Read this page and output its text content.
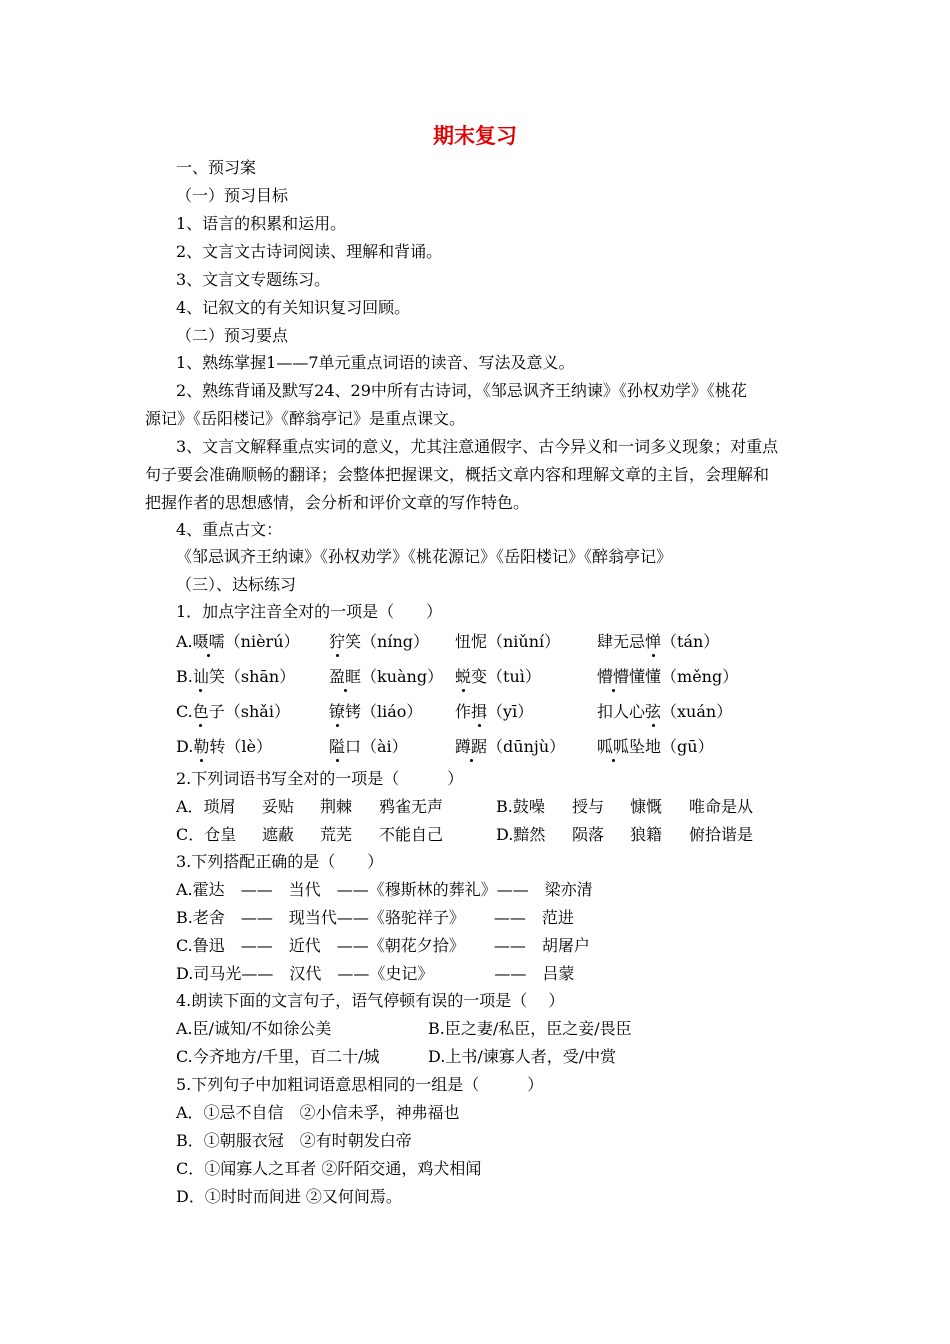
期末复习
一、预习案
（一）预习目标
1、语言的积累和运用。
2、文言文古诗词阅读、理解和背诵。
3、文言文专题练习。
4、记叙文的有关知识复习回顾。
（二）预习要点
1、熟练掌握1——7单元重点词语的读音、写法及意义。
2、熟练背诵及默写24、29中所有古诗词，《邹忌讽齐王纳谏》《孙权劝学》《桃花
源记》《岳阳楼记》《醉翁亭记》是重点课文。
3、文言文解释重点实词的意义，尤其注意通假字、古今异义和一词多义现象；对重点
句子要会准确顺畅的翻译；会整体把握课文，概括文章内容和理解文章的主旨，会理解和
把握作者的思想感情，会分析和评价文章的写作特色。
4、重点古文：
《邹忌讽齐王纳谏》《孙权劝学》《桃花源记》《岳阳楼记》《醉翁亭记》
（三）、达标练习
1．加点字注音全对的一项是（　　）
A.嗫嚅（nièrú） 狞笑（níng） 忸怩（niǔní） 肆无忌惮（tán）
B.讪笑（shān） 盈眶（kuàng） 蜕变（tuì）	懵懵懂懂（měng）
C.色子（shǎi） 镣铐（liáo） 作揖（yī）	扣人心弦（xuán）
D.勒转（lè）	隘口（ài）	蹲踞（dūnjù） 呱呱坠地（gū）
2.下列词语书写全对的一项是（　　　）
A．琐屑 妥贴 荆棘 鸦雀无声	B.鼓噪 授与 慷慨 唯命是从
C．仓皇 遮蔽 荒芜 不能自己	D.黯然 陨落 狼籍 俯拾谐是
3.下列搭配正确的是（　　）
A.霍达　——　当代　——《穆斯林的葬礼》——　梁亦清
B.老舍　——　现当代——《骆驼祥子》　　 ——　范进
C.鲁迅　——　近代　——《朝花夕拾》　　 ——　胡屠户
D.司马光——　汉代　——《史记》　　　　 ——　吕蒙
4.朗读下面的文言句子，语气停顿有误的一项是（　 ）
A.臣/诚知/不如徐公美	B.臣之妻/私臣，臣之妾/畏臣
C.今齐地方/千里，百二十/城	D.上书/谏寡人者，受/中赏
5.下列句子中加粗词语意思相同的一组是（　　　）
A．①忌不自信　②小信未孚，神弗福也
B．①朝服衣冠　②有时朝发白帝
C．①闻寡人之耳者 ②阡陌交通，鸡犬相闻
D．①时时而间进 ②又何间焉。
